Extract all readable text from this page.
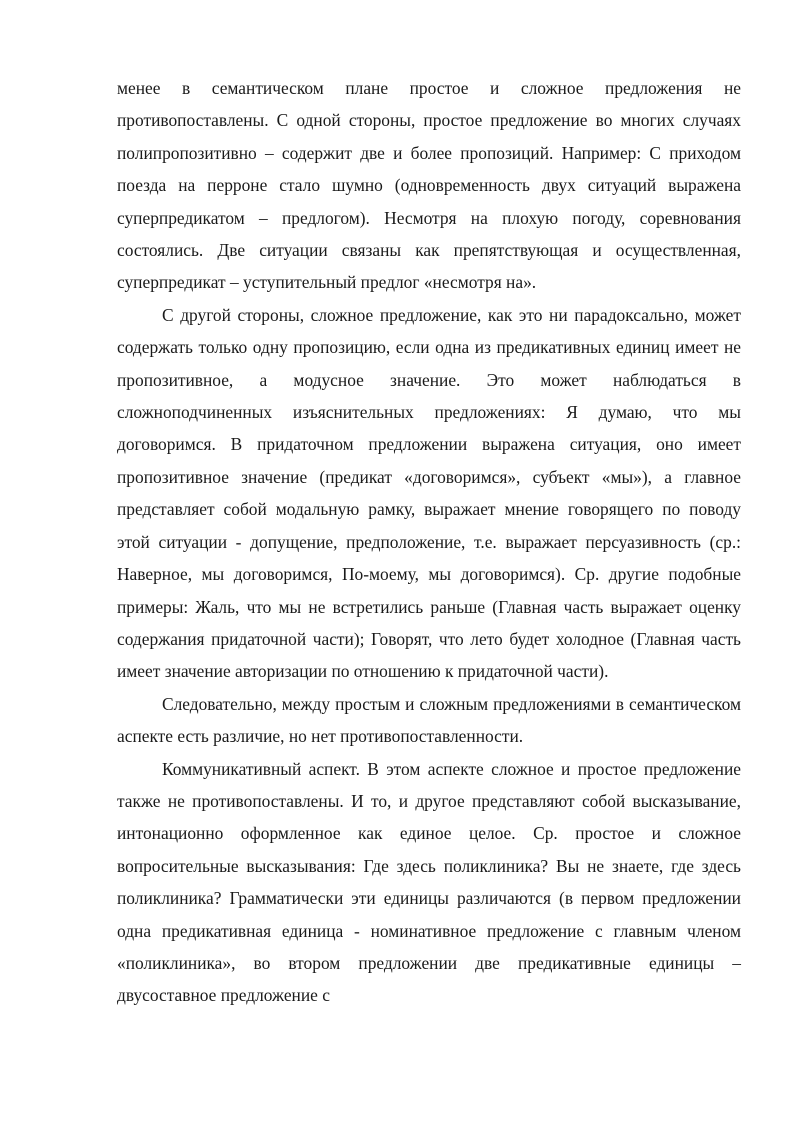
менее в семантическом плане простое и сложное предложения не противопоставлены. С одной стороны, простое предложение во многих случаях полипропозитивно – содержит две и более пропозиций. Например: С приходом поезда на перроне стало шумно (одновременность двух ситуаций выражена суперпредикатом – предлогом). Несмотря на плохую погоду, соревнования состоялись. Две ситуации связаны как препятствующая и осуществленная, суперпредикат – уступительный предлог «несмотря на».

С другой стороны, сложное предложение, как это ни парадоксально, может содержать только одну пропозицию, если одна из предикативных единиц имеет не пропозитивное, а модусное значение. Это может наблюдаться в сложноподчиненных изъяснительных предложениях: Я думаю, что мы договоримся. В придаточном предложении выражена ситуация, оно имеет пропозитивное значение (предикат «договоримся», субъект «мы»), а главное представляет собой модальную рамку, выражает мнение говорящего по поводу этой ситуации - допущение, предположение, т.е. выражает персуазивность (ср.: Наверное, мы договоримся, По-моему, мы договоримся). Ср. другие подобные примеры: Жаль, что мы не встретились раньше (Главная часть выражает оценку содержания придаточной части); Говорят, что лето будет холодное (Главная часть имеет значение авторизации по отношению к придаточной части).

Следовательно, между простым и сложным предложениями в семантическом аспекте есть различие, но нет противопоставленности.

Коммуникативный аспект. В этом аспекте сложное и простое предложение также не противопоставлены. И то, и другое представляют собой высказывание, интонационно оформленное как единое целое. Ср. простое и сложное вопросительные высказывания: Где здесь поликлиника? Вы не знаете, где здесь поликлиника? Грамматически эти единицы различаются (в первом предложении одна предикативная единица - номинативное предложение с главным членом «поликлиника», во втором предложении две предикативные единицы – двусоставное предложение с
